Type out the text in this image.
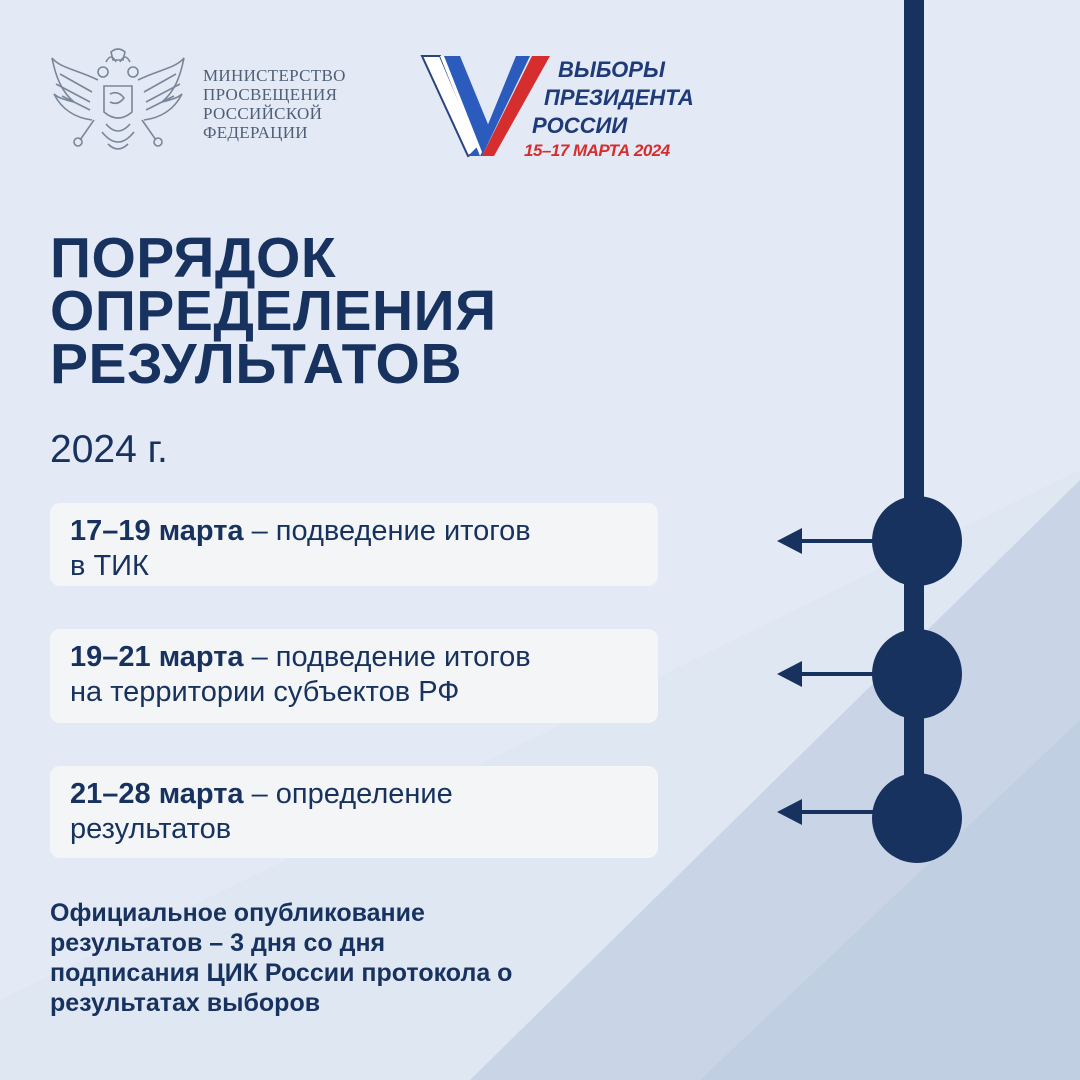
МИНИСТЕРСТВО
ПРОСВЕЩЕНИЯ
РОССИЙСКОЙ
ФЕДЕРАЦИИ
ВЫБОРЫ
ПРЕЗИДЕНТА
РОССИИ
15–17 МАРТА 2024
ПОРЯДОК
ОПРЕДЕЛЕНИЯ
РЕЗУЛЬТАТОВ
2024 г.
17–19 марта – подведение итогов
в ТИК
19–21 марта – подведение итогов
на территории субъектов РФ
21–28 марта – определение
результатов
Официальное опубликование результатов – 3 дня со дня подписания ЦИК России протокола о результатах выборов
